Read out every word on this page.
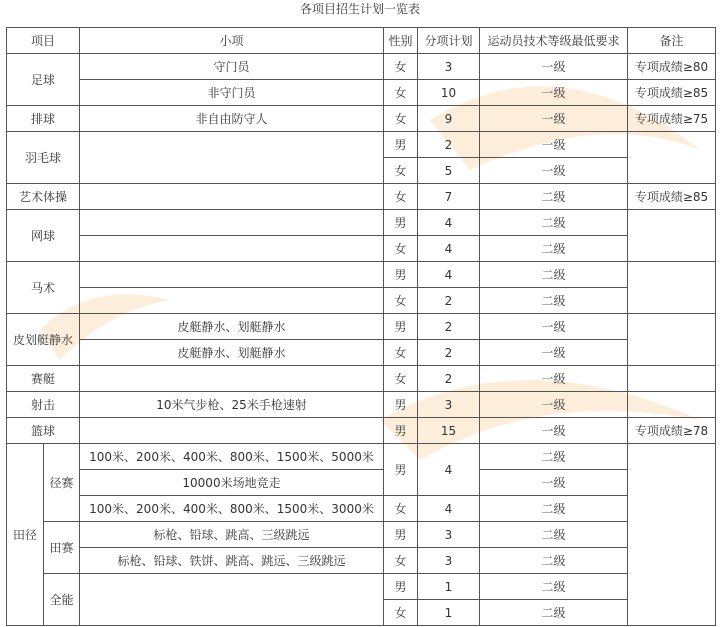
各项目招生计划一览表
项目		小项	性别	分项计划	运动员技术等级最低要求	备注
足球		守门员	女	3	一级	专项成绩≥80
		非守门员	女	10	一级	专项成绩≥85
排球		非自由防守人	女	9	一级	专项成绩≥75
羽毛球			男	2	一级	
			女	5	一级	
艺术体操			女	7	二级	专项成绩≥85
网球			男	4	二级	
			女	4	二级	
马术			男	4	二级	
			女	2	二级	
皮划艇静水		皮艇静水、划艇静水	男	2	一级	
		皮艇静水、划艇静水	女	2	一级	
赛艇			女	2	一级	
射击		10米气步枪、25米手枪速射	男	3	一级	
篮球			男	15	一级	专项成绩≥78
田径	径赛	100米、200米、400米、800米、1500米、5000米	男	4	二级	
		10000米场地竞走			一级	
		100米、200米、400米、800米、1500米、3000米	女	4	二级	
	田赛	标枪、铅球、跳高、三级跳远	男	3	二级	
		标枪、铅球、铁饼、跳高、跳远、三级跳远	女	3	二级	
	全能		男	1	二级	
			女	1	二级	
